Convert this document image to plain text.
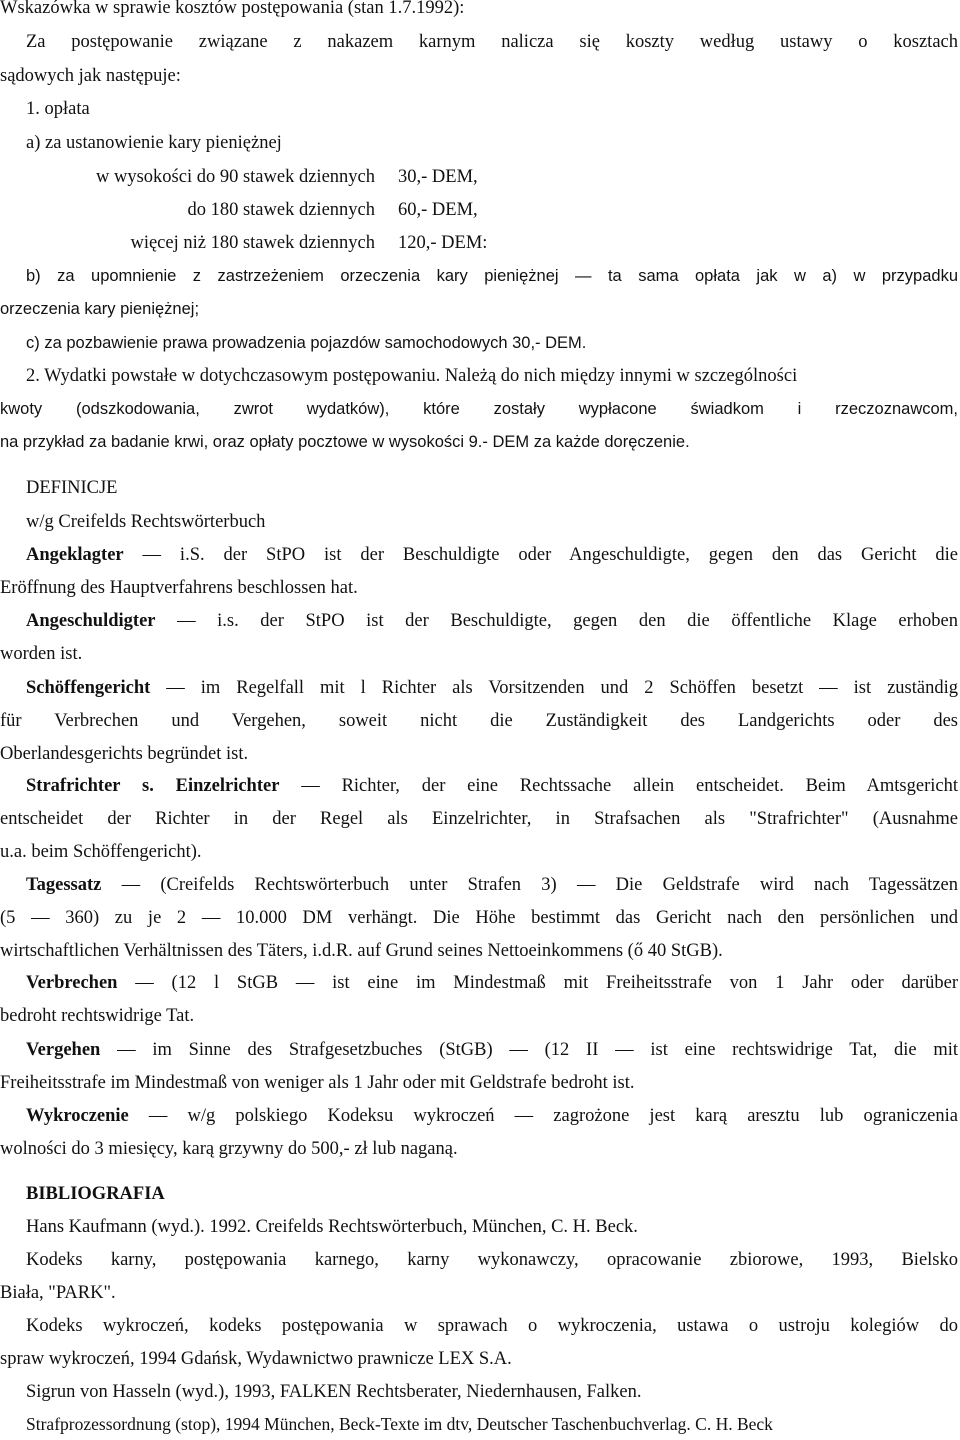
Wskazówka w sprawie kosztów postępowania (stan 1.7.1992):
Za postępowanie związane z nakazem karnym nalicza się koszty według ustawy o kosztach
sądowych jak następuje:
1. opłata
a) za ustanowienie kary pieniężnej
w wysokości do 90 stawek dziennych 30,- DEM,
do 180 stawek dziennych 60,- DEM,
więcej niż 180 stawek dziennych 120,- DEM:
b) za upomnienie z zastrzeżeniem orzeczenia kary pieniężnej — ta sama opłata jak w a) w przypadku
orzeczenia kary pieniężnej;
c) za pozbawienie prawa prowadzenia pojazdów samochodowych 30,- DEM.
2. Wydatki powstałe w dotychczasowym postępowaniu. Należą do nich między innymi w szczególności
kwoty (odszkodowania, zwrot wydatków), które zostały wypłacone świadkom i rzeczoznawcom,
na przykład za badanie krwi, oraz opłaty pocztowe w wysokości 9.- DEM za każde doręczenie.
DEFINICJE
w/g Creifelds Rechtswörterbuch
Angeklagter — i.S. der StPO ist der Beschuldigte oder Angeschuldigte, gegen den das Gericht die
Eröffnung des Hauptverfahrens beschlossen hat.
Angeschuldigter — i.s. der StPO ist der Beschuldigte, gegen den die öffentliche Klage erhoben
worden ist.
Schöffengericht — im Regelfall mit l Richter als Vorsitzenden und 2 Schöffen besetzt — ist zuständig
für Verbrechen und Vergehen, soweit nicht die Zuständigkeit des Landgerichts oder des
Oberlandesgerichts begründet ist.
Strafrichter s. Einzelrichter — Richter, der eine Rechtssache allein entscheidet. Beim Amtsgericht
entscheidet der Richter in der Regel als Einzelrichter, in Strafsachen als "Strafrichter" (Ausnahme
u.a. beim Schöffengericht).
Tagessatz — (Creifelds Rechtswörterbuch unter Strafen 3) — Die Geldstrafe wird nach Tagessätzen
(5 — 360) zu je 2 — 10.000 DM verhängt. Die Höhe bestimmt das Gericht nach den persönlichen und
wirtschaftlichen Verhältnissen des Täters, i.d.R. auf Grund seines Nettoeinkommens (ő 40 StGB).
Verbrechen — (12 l StGB — ist eine im Mindestmaß mit Freiheitsstrafe von 1 Jahr oder darüber
bedroht rechtswidrige Tat.
Vergehen — im Sinne des Strafgesetzbuches (StGB) — (12 II — ist eine rechtswidrige Tat, die mit
Freiheitsstrafe im Mindestmaß von weniger als 1 Jahr oder mit Geldstrafe bedroht ist.
Wykroczenie — w/g polskiego Kodeksu wykroczeń — zagrożone jest karą aresztu lub ograniczenia
wolności do 3 miesięcy, karą grzywny do 500,- zł lub naganą.
BIBLIOGRAFIA
Hans Kaufmann (wyd.). 1992. Creifelds Rechtswörterbuch, München, C. H. Beck.
Kodeks karny, postępowania karnego, karny wykonawczy, opracowanie zbiorowe, 1993, Bielsko
Biała, "PARK".
Kodeks wykroczeń, kodeks postępowania w sprawach o wykroczenia, ustawa o ustroju kolegiów do
spraw wykroczeń, 1994 Gdańsk, Wydawnictwo prawnicze LEX S.A.
Sigrun von Hasseln (wyd.), 1993, FALKEN Rechtsberater, Niedernhausen, Falken.
Strafprozessordnung (stop), 1994 München, Beck-Texte im dtv, Deutscher Taschenbuchverlag. C. H. Beck
